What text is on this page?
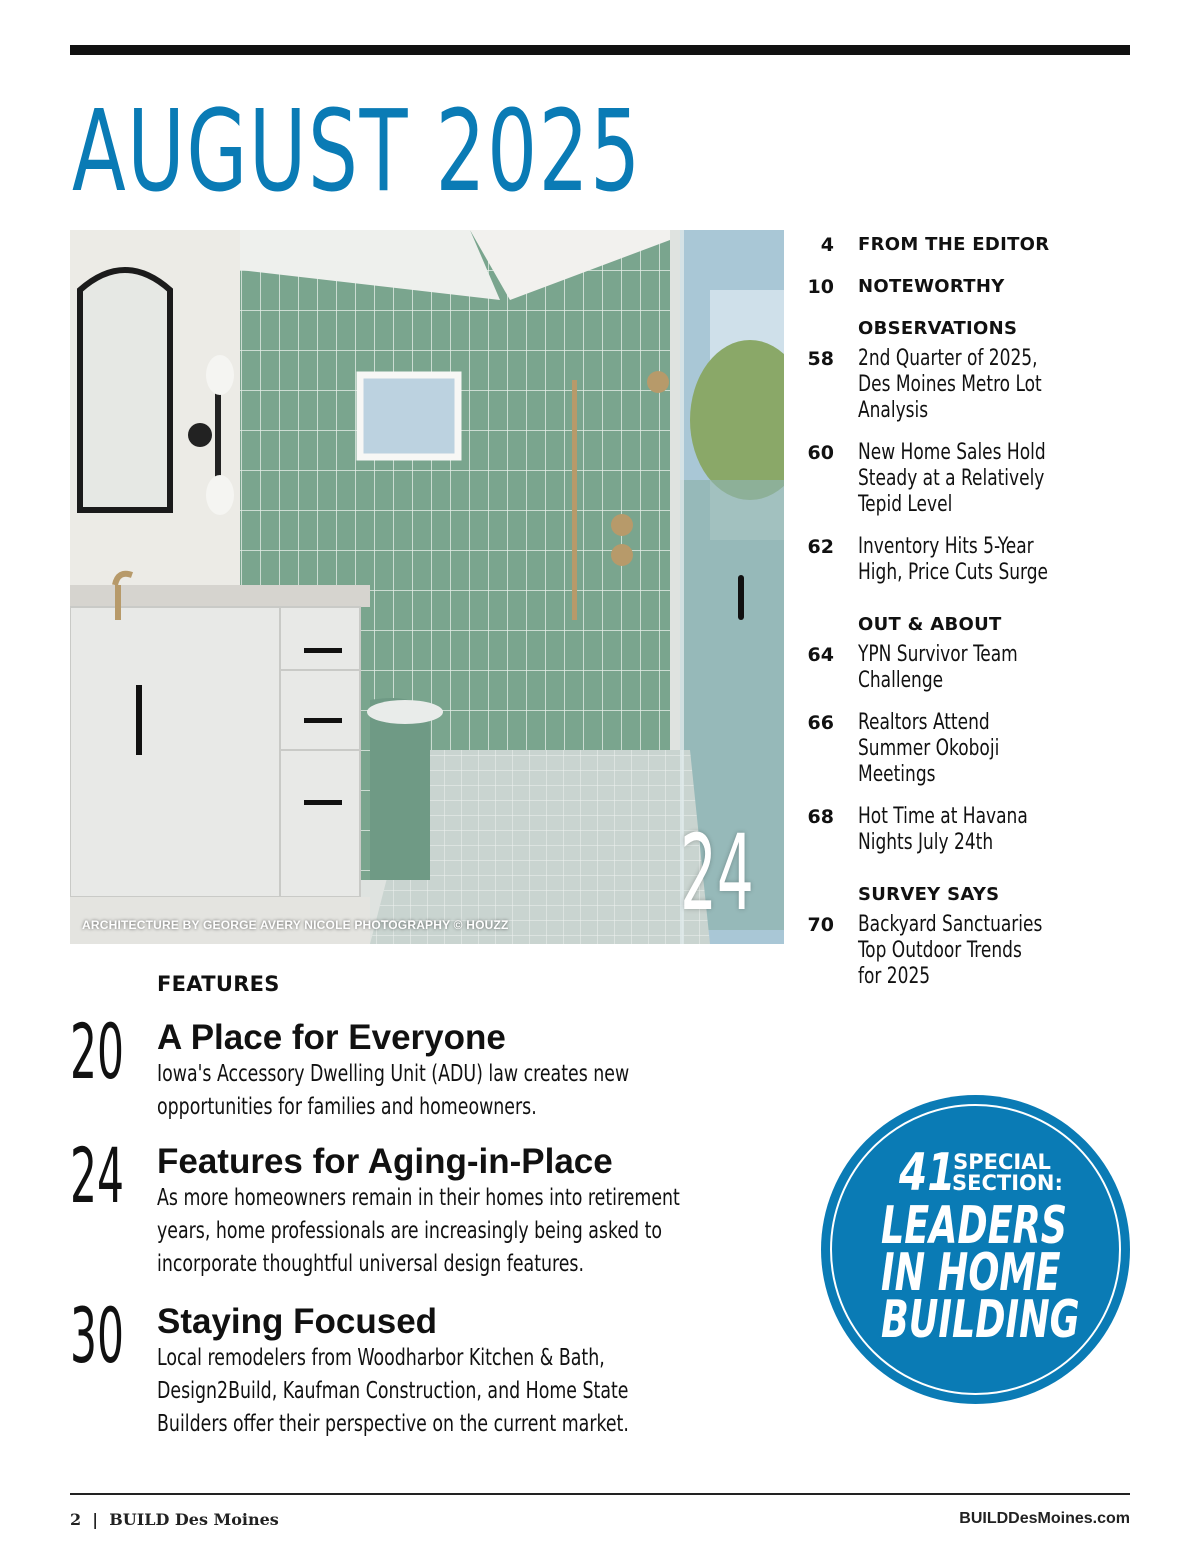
AUGUST 2025

24

ARCHITECTURE BY GEORGE AVERY NICOLE PHOTOGRAPHY © HOUZZ

4 FROM THE EDITOR
10 NOTEWORTHY
OBSERVATIONS
58 2nd Quarter of 2025,
Des Moines Metro Lot
Analysis
60 New Home Sales Hold
Steady at a Relatively
Tepid Level
62 Inventory Hits 5-Year
High, Price Cuts Surge
OUT & ABOUT
64 YPN Survivor Team
Challenge
66 Realtors Attend
Summer Okoboji
Meetings
68 Hot Time at Havana
Nights July 24th
SURVEY SAYS
70 Backyard Sanctuaries
Top Outdoor Trends
for 2025

FEATURES

20 A Place for Everyone
Iowa's Accessory Dwelling Unit (ADU) law creates new
opportunities for families and homeowners.
24 Features for Aging-in-Place
As more homeowners remain in their homes into retirement
years, home professionals are increasingly being asked to
incorporate thoughtful universal design features.
30 Staying Focused
Local remodelers from Woodharbor Kitchen & Bath,
Design2Build, Kaufman Construction, and Home State
Builders offer their perspective on the current market.
41
SPECIAL
SECTION:
LEADERS
IN HOME
BUILDING

2  |  BUILD Des Moines	BUILDDesMoines.com
